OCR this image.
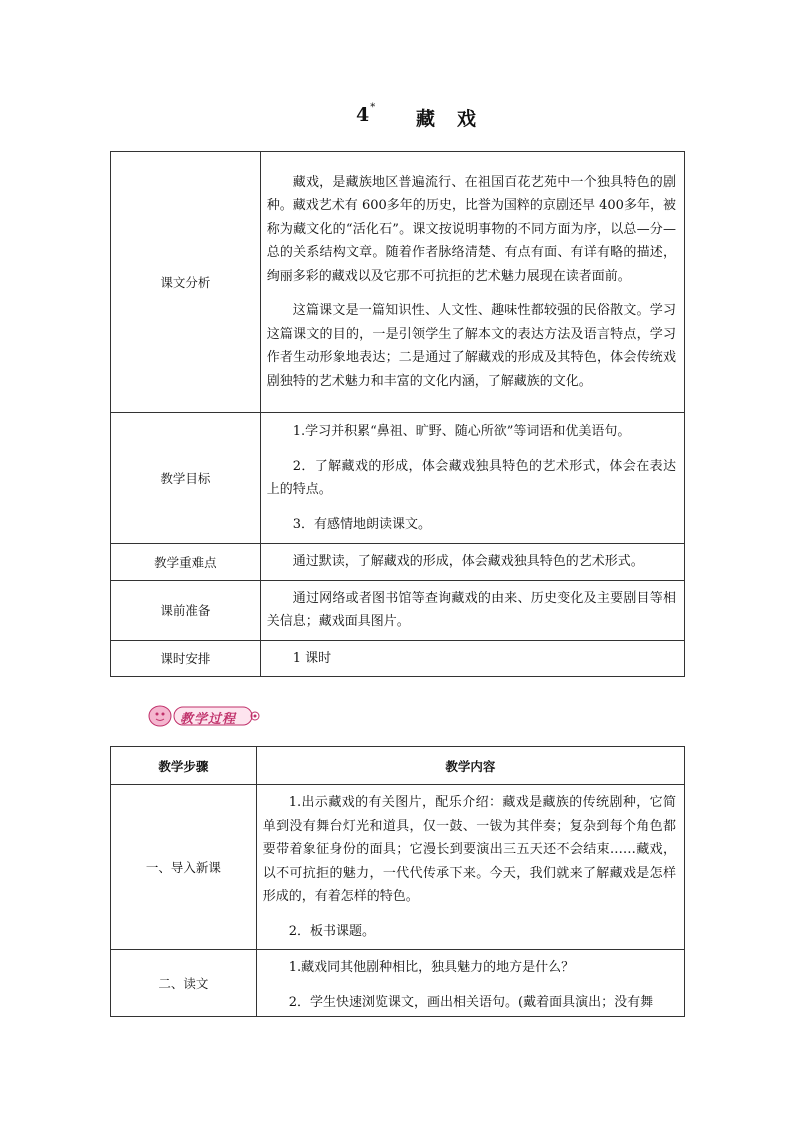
4*
藏戏
课文分析	藏戏，是藏族地区普遍流行、在祖国百花艺苑中一个独具特色的剧种。藏戏艺术有 600多年的历史，比誉为国粹的京剧还早 400多年，被称为藏文化的“活化石”。课文按说明事物的不同方面为序，以总—分—总的关系结构文章。随着作者脉络清楚、有点有面、有详有略的描述，绚丽多彩的藏戏以及它那不可抗拒的艺术魅力展现在读者面前。

这篇课文是一篇知识性、人文性、趣味性都较强的民俗散文。学习这篇课文的目的，一是引领学生了解本文的表达方法及语言特点，学习作者生动形象地表达；二是通过了解藏戏的形成及其特色，体会传统戏剧独特的艺术魅力和丰富的文化内涵，了解藏族的文化。

教学目标	1.学习并积累“鼻祖、旷野、随心所欲”等词语和优美语句。

2．了解藏戏的形成，体会藏戏独具特色的艺术形式，体会在表达上的特点。

3．有感情地朗读课文。

教学重难点	通过默读，了解藏戏的形成，体会藏戏独具特色的艺术形式。

课前准备	通过网络或者图书馆等查询藏戏的由来、历史变化及主要剧目等相关信息；藏戏面具图片。

课时安排	1 课时

教学过程
教学步骤	教学内容
一、导入新课	1.出示藏戏的有关图片，配乐介绍：藏戏是藏族的传统剧种，它简单到没有舞台灯光和道具，仅一鼓、一钹为其伴奏；复杂到每个角色都要带着象征身份的面具；它漫长到要演出三五天还不会结束……藏戏，以不可抗拒的魅力，一代代传承下来。今天，我们就来了解藏戏是怎样形成的，有着怎样的特色。

2．板书课题。

二、读文	1.藏戏同其他剧种相比，独具魅力的地方是什么？

2．学生快速浏览课文，画出相关语句。(戴着面具演出；没有舞
